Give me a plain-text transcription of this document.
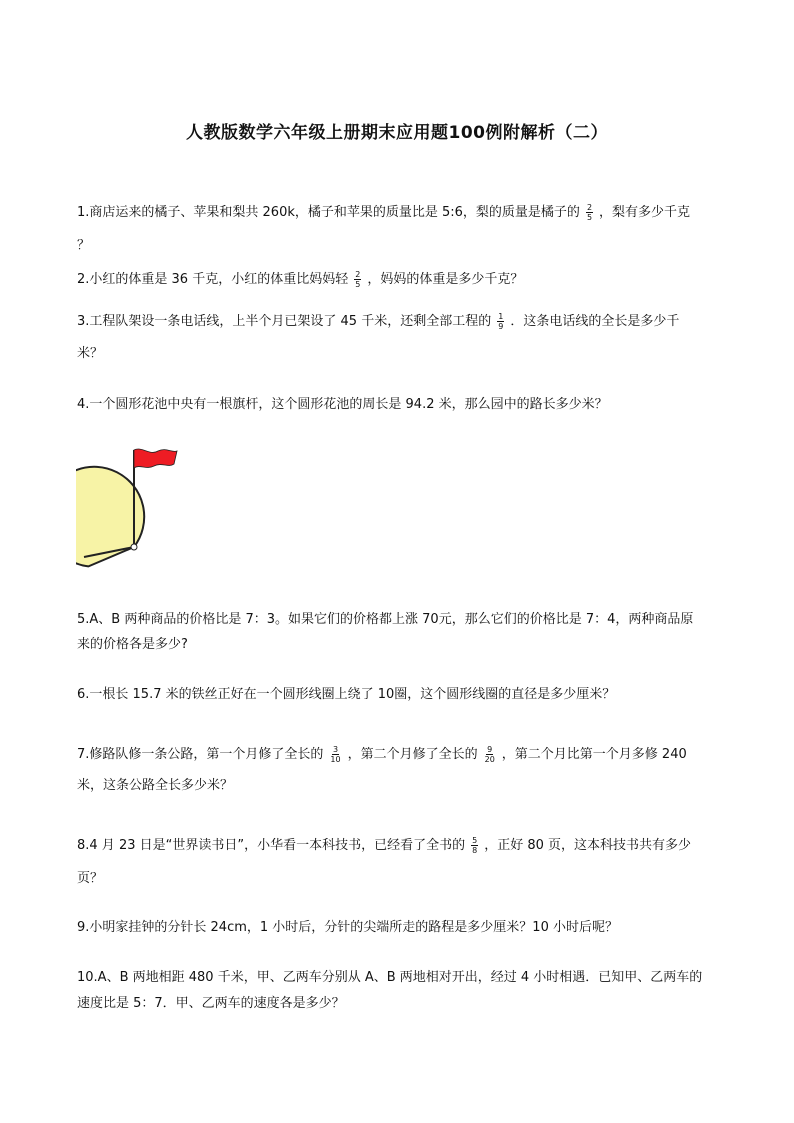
人教版数学六年级上册期末应用题100例附解析（二）
1.商店运来的橘子、苹果和梨共 260k，橘子和苹果的质量比是 5:6，梨的质量是橘子的 $\frac{2}{5}$ ，梨有多少千克
？
2.小红的体重是 36 千克，小红的体重比妈妈轻 $\frac{2}{5}$ ，妈妈的体重是多少千克？
3.工程队架设一条电话线，上半个月已架设了 45 千米，还剩全部工程的 $\frac{1}{9}$ ．这条电话线的全长是多少千
米？
4.一个圆形花池中央有一根旗杆，这个圆形花池的周长是 94.2 米，那么园中的路长多少米？
5.A、B 两种商品的价格比是 7：3。如果它们的价格都上涨 70元，那么它们的价格比是 7：4，两种商品原
来的价格各是多少?
6.一根长 15.7 米的铁丝正好在一个圆形线圈上绕了 10圈，这个圆形线圈的直径是多少厘米？
7.修路队修一条公路，第一个月修了全长的 $\frac{3}{10}$ ，第二个月修了全长的 $\frac{9}{20}$ ，第二个月比第一个月多修 240
米，这条公路全长多少米？
8.4 月 23 日是“世界读书日”，小华看一本科技书，已经看了全书的 $\frac{5}{8}$ ，正好 80 页，这本科技书共有多少
页？
9.小明家挂钟的分针长 24cm，1 小时后，分针的尖端所走的路程是多少厘米？10 小时后呢？
10.A、B 两地相距 480 千米，甲、乙两车分别从 A、B 两地相对开出，经过 4 小时相遇．已知甲、乙两车的
速度比是 5：7．甲、乙两车的速度各是多少？
